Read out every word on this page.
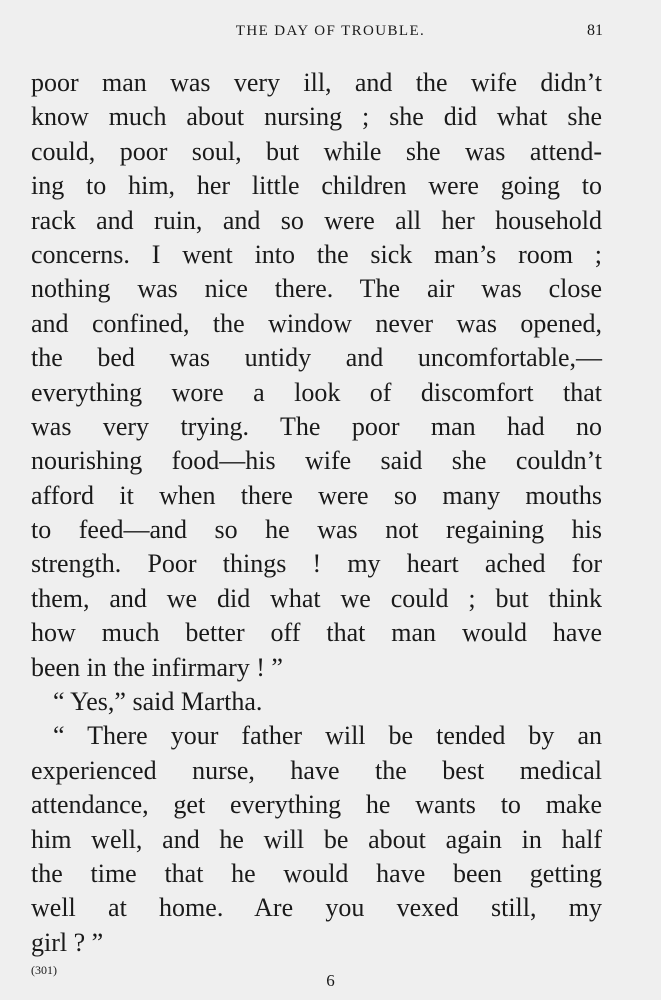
THE DAY OF TROUBLE.	81
poor man was very ill, and the wife didn’t
know much about nursing ; she did what she
could, poor soul, but while she was attend-
ing to him, her little children were going to
rack and ruin, and so were all her household
concerns. I went into the sick man’s room ;
nothing was nice there. The air was close
and confined, the window never was opened,
the bed was untidy and uncomfortable,—
everything wore a look of discomfort that
was very trying. The poor man had no
nourishing food—his wife said she couldn’t
afford it when there were so many mouths
to feed—and so he was not regaining his
strength. Poor things ! my heart ached for
them, and we did what we could ; but think
how much better off that man would have
been in the infirmary ! ”
“ Yes,” said Martha.
“ There your father will be tended by an
experienced nurse, have the best medical
attendance, get everything he wants to make
him well, and he will be about again in half
the time that he would have been getting
well at home. Are you vexed still, my
girl ? ”
(301)
6
